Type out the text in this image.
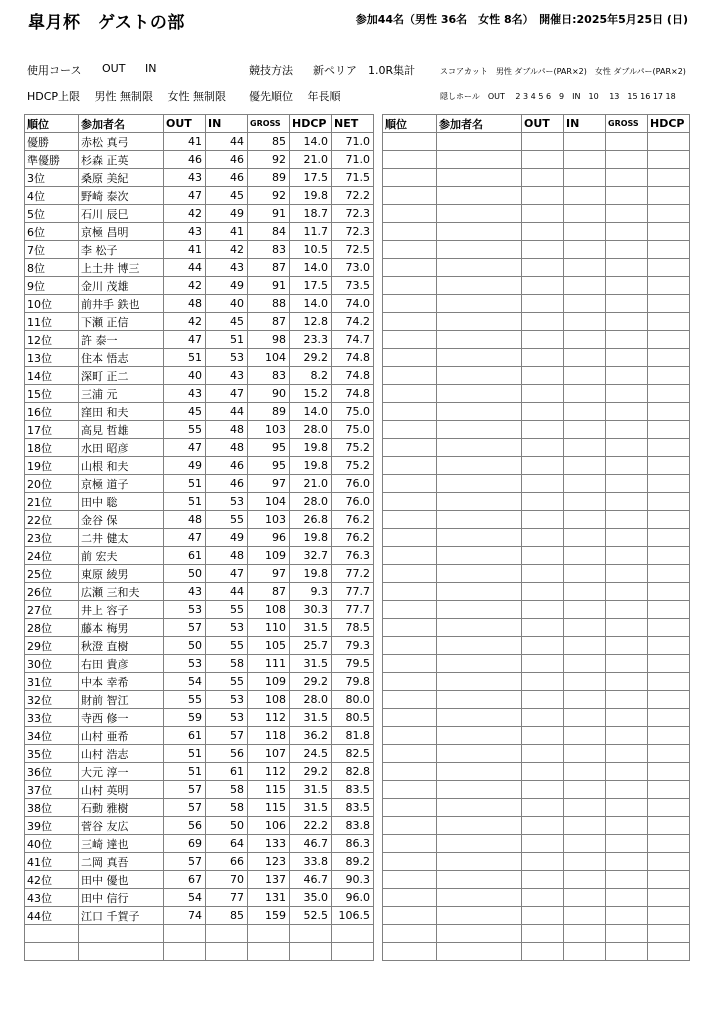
皐月杯　ゲストの部	参加44名（男性 36名　女性 8名）　開催日:2025年5月25日 (日)
使用コース OUT IN	競技方法 新ペリア　1.0R集計	スコアカット　男性 ダブルパー(PAR×2)　女性 ダブルパー(PAR×2)
HDCP上限　 男性 無制限　 女性 無制限 優先順位　 年長順	隠しホール　OUT　 2 3 4 5 6　9　IN　10　 13　15 16 17 18
順位	参加者名	OUT	IN	GROSS	HDCP	NET
優勝	赤松 真弓	41	44	85	14.0	71.0
準優勝	杉森 正英	46	46	92	21.0	71.0
3位	桑原 美紀	43	46	89	17.5	71.5
4位	野崎 泰次	47	45	92	19.8	72.2
5位	石川 辰巳	42	49	91	18.7	72.3
6位	京極 昌明	43	41	84	11.7	72.3
7位	李 松子	41	42	83	10.5	72.5
8位	上土井 博三	44	43	87	14.0	73.0
9位	金川 茂雄	42	49	91	17.5	73.5
10位	前井手 鉄也	48	40	88	14.0	74.0
11位	下瀬 正信	42	45	87	12.8	74.2
12位	許 泰一	47	51	98	23.3	74.7
13位	住本 悟志	51	53	104	29.2	74.8
14位	深町 正二	40	43	83	8.2	74.8
15位	三浦 元	43	47	90	15.2	74.8
16位	窪田 和夫	45	44	89	14.0	75.0
17位	高見 哲雄	55	48	103	28.0	75.0
18位	水田 昭彦	47	48	95	19.8	75.2
19位	山根 和夫	49	46	95	19.8	75.2
20位	京極 道子	51	46	97	21.0	76.0
21位	田中 聡	51	53	104	28.0	76.0
22位	金谷 保	48	55	103	26.8	76.2
23位	二井 健太	47	49	96	19.8	76.2
24位	前 宏夫	61	48	109	32.7	76.3
25位	東原 綾男	50	47	97	19.8	77.2
26位	広瀬 三和夫	43	44	87	9.3	77.7
27位	井上 容子	53	55	108	30.3	77.7
28位	藤本 梅男	57	53	110	31.5	78.5
29位	秋澄 直樹	50	55	105	25.7	79.3
30位	右田 貴彦	53	58	111	31.5	79.5
31位	中本 幸希	54	55	109	29.2	79.8
32位	財前 智江	55	53	108	28.0	80.0
33位	寺西 修一	59	53	112	31.5	80.5
34位	山村 亜希	61	57	118	36.2	81.8
35位	山村 浩志	51	56	107	24.5	82.5
36位	大元 淳一	51	61	112	29.2	82.8
37位	山村 英明	57	58	115	31.5	83.5
38位	石動 雅樹	57	58	115	31.5	83.5
39位	菅谷 友広	56	50	106	22.2	83.8
40位	三崎 達也	69	64	133	46.7	86.3
41位	二岡 真吾	57	66	123	33.8	89.2
42位	田中 優也	67	70	137	46.7	90.3
43位	田中 信行	54	77	131	35.0	96.0
44位	江口 千賀子	74	85	159	52.5	106.5

順位	参加者名	OUT	IN	GROSS	HDCP
